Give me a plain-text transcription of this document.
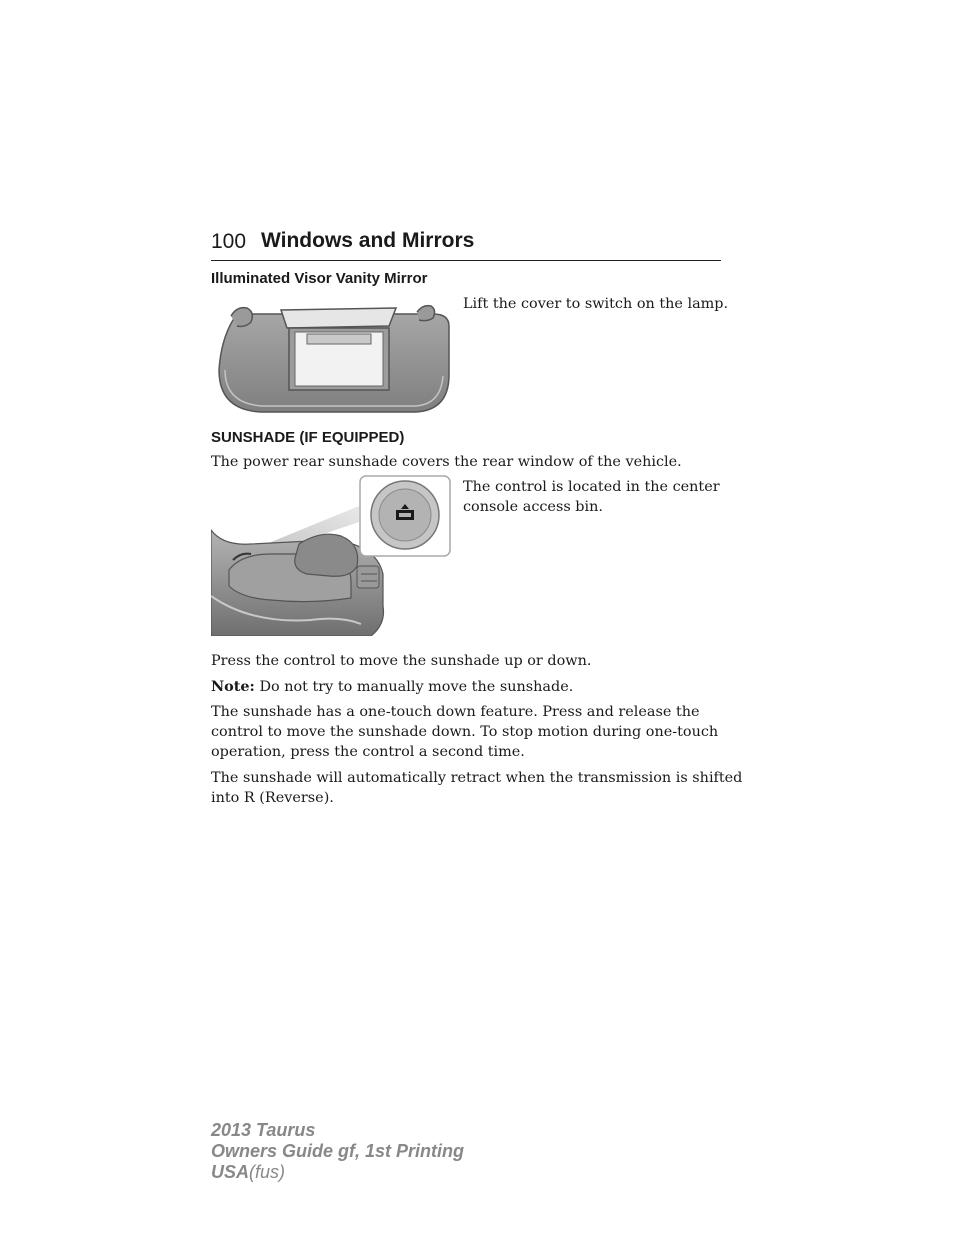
100 Windows and Mirrors
Illuminated Visor Vanity Mirror
Lift the cover to switch on the lamp.
SUNSHADE (IF EQUIPPED)
The power rear sunshade covers the rear window of the vehicle.
The control is located in the center
console access bin.
Press the control to move the sunshade up or down.
Note: Do not try to manually move the sunshade.
The sunshade has a one-touch down feature. Press and release the
control to move the sunshade down. To stop motion during one-touch
operation, press the control a second time.
The sunshade will automatically retract when the transmission is shifted
into R (Reverse).
2013 Taurus
Owners Guide gf, 1st Printing
USA(fus)
